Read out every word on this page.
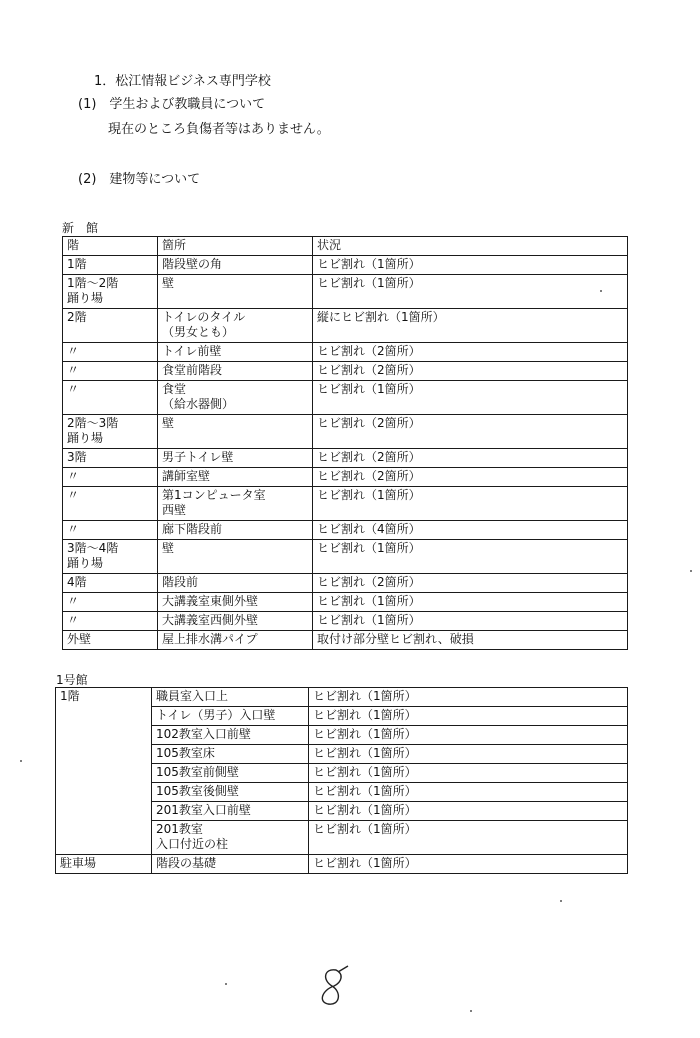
1．松江情報ビジネス専門学校
(1)　学生および教職員について
現在のところ負傷者等はありません。
(2)　建物等について
新　館
階	箇所	状況
1階	階段壁の角	ヒビ割れ（1箇所）
1階～2階
踊り場	壁	ヒビ割れ（1箇所）
2階	トイレのタイル
（男女とも）	縦にヒビ割れ（1箇所）
〃	トイレ前壁	ヒビ割れ（2箇所）
〃	食堂前階段	ヒビ割れ（2箇所）
〃	食堂
（給水器側）	ヒビ割れ（1箇所）
2階～3階
踊り場	壁	ヒビ割れ（2箇所）
3階	男子トイレ壁	ヒビ割れ（2箇所）
〃	講師室壁	ヒビ割れ（2箇所）
〃	第1コンピュータ室
西壁	ヒビ割れ（1箇所）
〃	廊下階段前	ヒビ割れ（4箇所）
3階～4階
踊り場	壁	ヒビ割れ（1箇所）
4階	階段前	ヒビ割れ（2箇所）
〃	大講義室東側外壁	ヒビ割れ（1箇所）
〃	大講義室西側外壁	ヒビ割れ（1箇所）
外壁	屋上排水溝パイプ	取付け部分壁ヒビ割れ、破損
1号館
1階	職員室入口上	ヒビ割れ（1箇所）
	トイレ（男子）入口壁	ヒビ割れ（1箇所）
	102教室入口前壁	ヒビ割れ（1箇所）
	105教室床	ヒビ割れ（1箇所）
	105教室前側壁	ヒビ割れ（1箇所）
	105教室後側壁	ヒビ割れ（1箇所）
	201教室入口前壁	ヒビ割れ（1箇所）
	201教室
入口付近の柱	ヒビ割れ（1箇所）
駐車場	階段の基礎	ヒビ割れ（1箇所）
